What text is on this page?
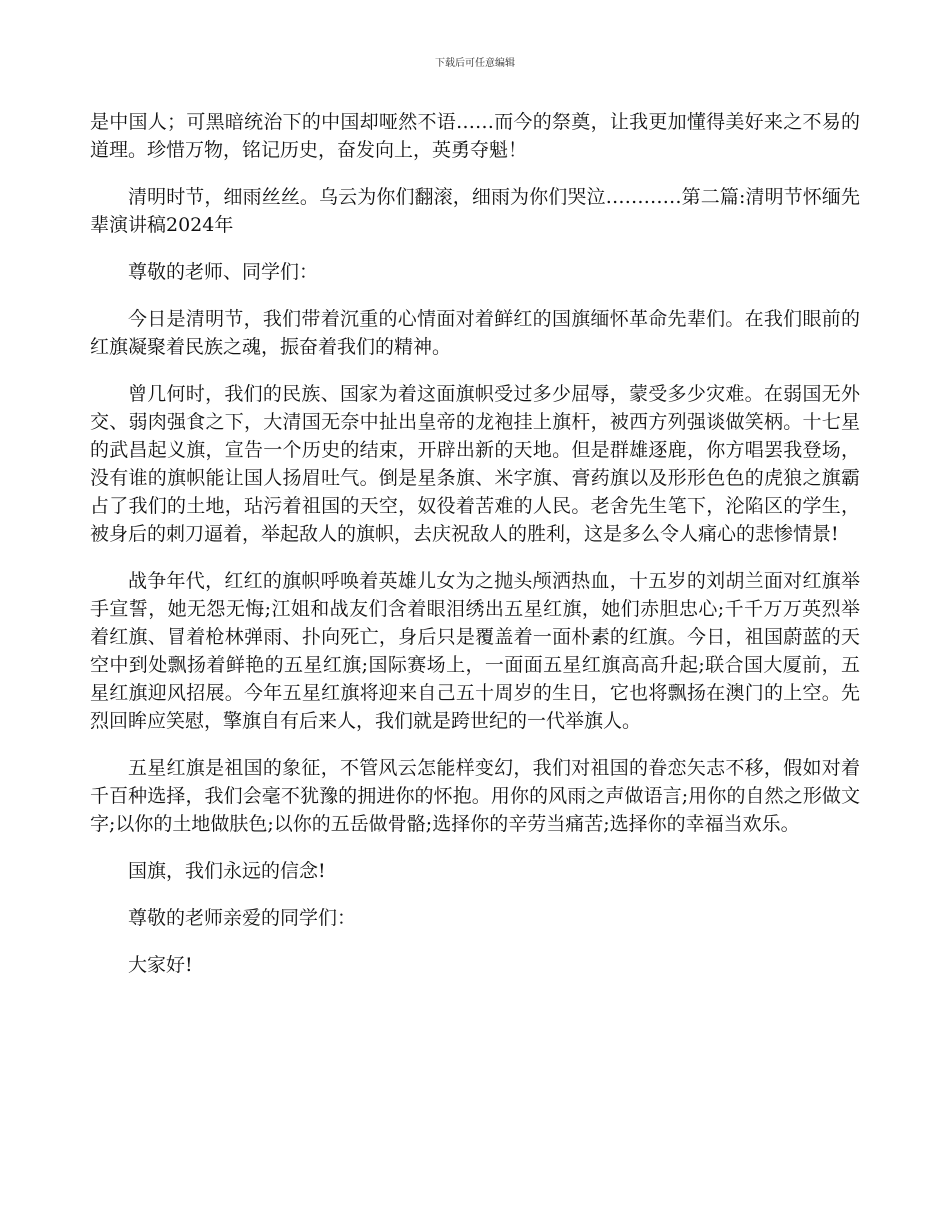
下载后可任意编辑

是中国人；可黑暗统治下的中国却哑然不语……而今的祭奠，让我更加懂得美好来之不易的道理。珍惜万物，铭记历史，奋发向上，英勇夺魁！

清明时节，细雨丝丝。乌云为你们翻滚，细雨为你们哭泣…………第二篇:清明节怀缅先辈演讲稿2024年

尊敬的老师、同学们：

今日是清明节，我们带着沉重的心情面对着鲜红的国旗缅怀革命先辈们。在我们眼前的红旗凝聚着民族之魂，振奋着我们的精神。

曾几何时，我们的民族、国家为着这面旗帜受过多少屈辱，蒙受多少灾难。在弱国无外交、弱肉强食之下，大清国无奈中扯出皇帝的龙袍挂上旗杆，被西方列强谈做笑柄。十七星的武昌起义旗，宣告一个历史的结束，开辟出新的天地。但是群雄逐鹿，你方唱罢我登场，没有谁的旗帜能让国人扬眉吐气。倒是星条旗、米字旗、膏药旗以及形形色色的虎狼之旗霸占了我们的土地，玷污着祖国的天空，奴役着苦难的人民。老舍先生笔下，沦陷区的学生，被身后的刺刀逼着，举起敌人的旗帜，去庆祝敌人的胜利，这是多么令人痛心的悲惨情景!

战争年代，红红的旗帜呼唤着英雄儿女为之抛头颅洒热血，十五岁的刘胡兰面对红旗举手宣誓，她无怨无悔;江姐和战友们含着眼泪绣出五星红旗，她们赤胆忠心;千千万万英烈举着红旗、冒着枪林弹雨、扑向死亡，身后只是覆盖着一面朴素的红旗。今日，祖国蔚蓝的天空中到处飘扬着鲜艳的五星红旗;国际赛场上，一面面五星红旗高高升起;联合国大厦前，五星红旗迎风招展。今年五星红旗将迎来自己五十周岁的生日，它也将飘扬在澳门的上空。先烈回眸应笑慰，擎旗自有后来人，我们就是跨世纪的一代举旗人。

五星红旗是祖国的象征，不管风云怎能样变幻，我们对祖国的眷恋矢志不移，假如对着千百种选择，我们会毫不犹豫的拥进你的怀抱。用你的风雨之声做语言;用你的自然之形做文字;以你的土地做肤色;以你的五岳做骨骼;选择你的辛劳当痛苦;选择你的幸福当欢乐。

国旗，我们永远的信念!

尊敬的老师亲爱的同学们：

大家好!
